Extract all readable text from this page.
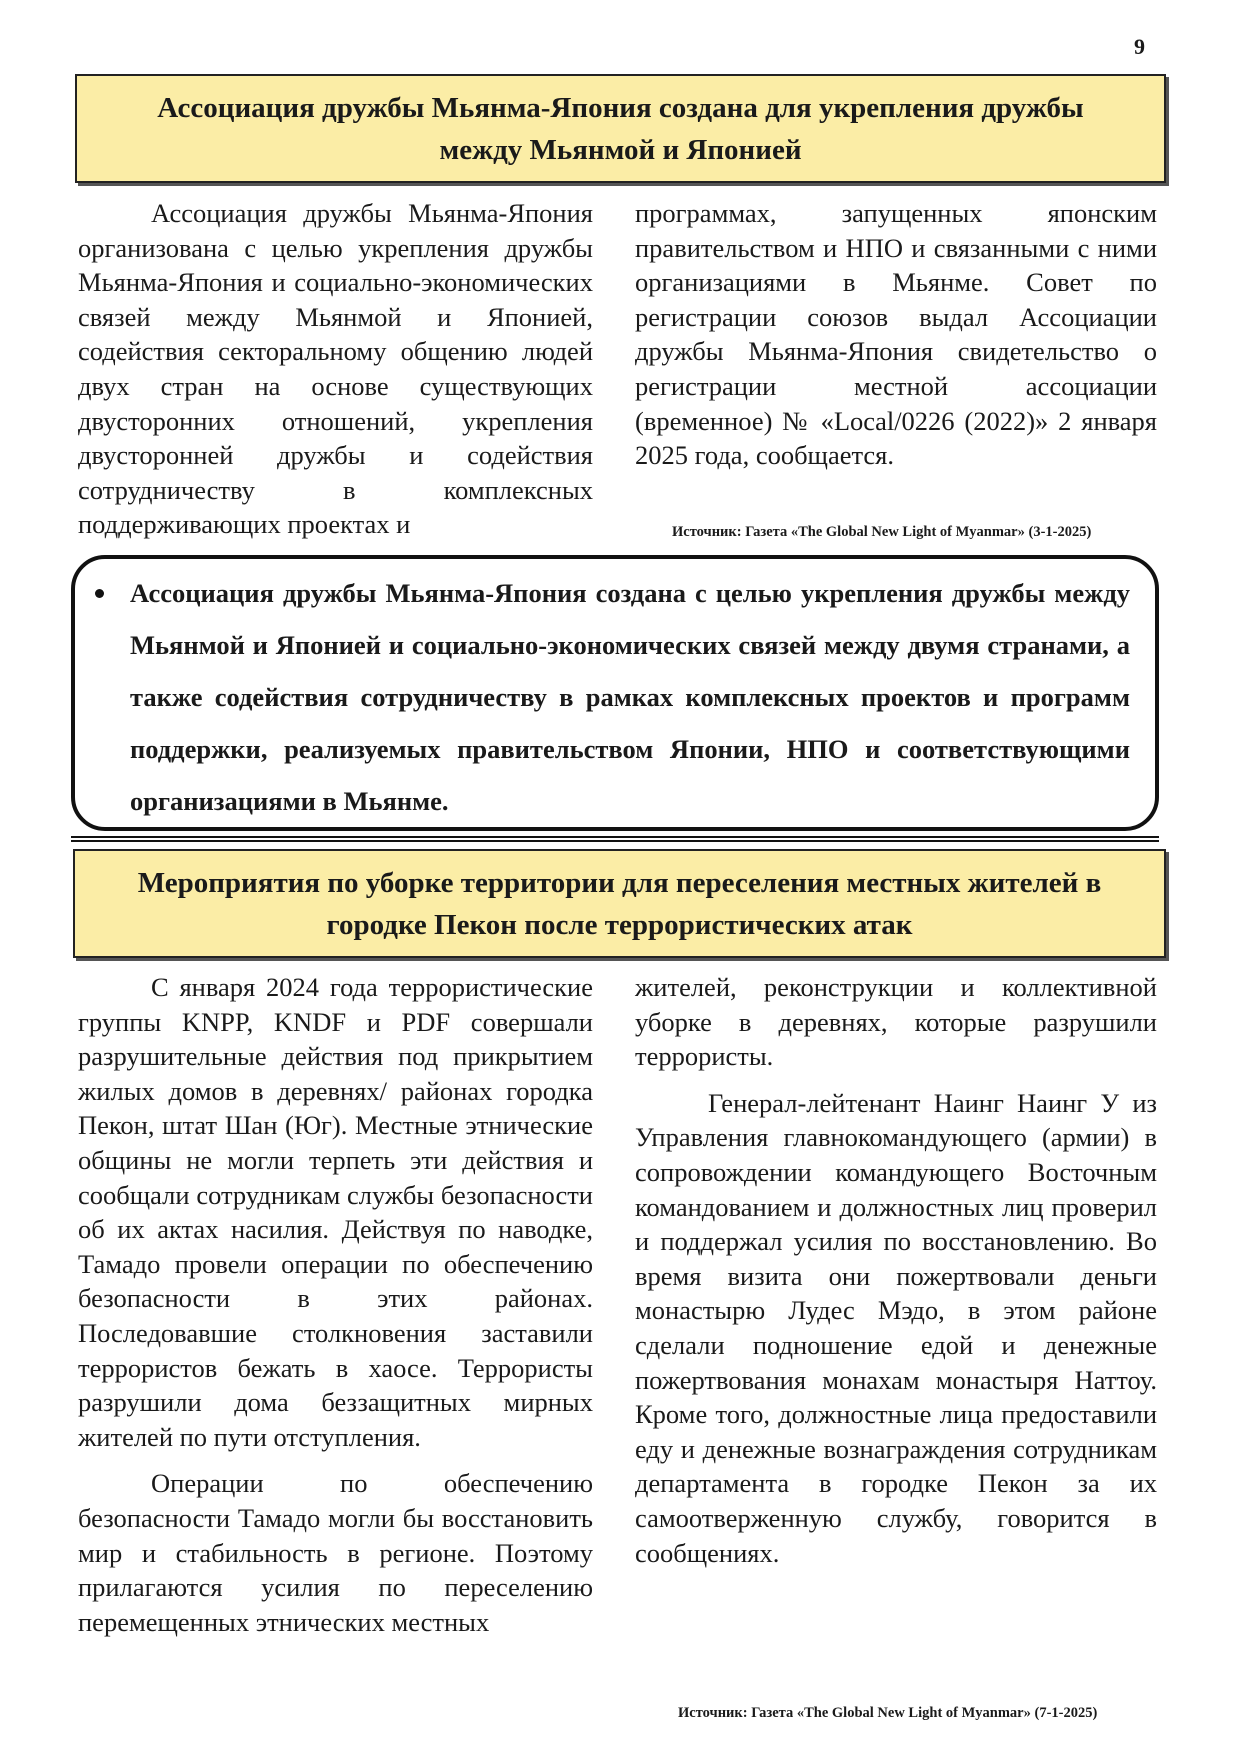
9
Ассоциация дружбы Мьянма-Япония создана для укрепления дружбы
между Мьянмой и Японией

Ассоциация дружбы Мьянма-Япония организована с целью укрепления дружбы Мьянма-Япония и социально-экономических связей между Мьянмой и Японией, содействия секторальному общению людей двух стран на основе существующих двусторонних отношений, укрепления двусторонней дружбы и содействия сотрудничеству в комплексных поддерживающих проектах и

программах, запущенных японским правительством и НПО и связанными с ними организациями в Мьянме. Совет по регистрации союзов выдал Ассоциации дружбы Мьянма-Япония свидетельство о регистрации местной ассоциации (временное) № «Local/0226 (2022)» 2 января 2025 года, сообщается.

Источник: Газета «The Global New Light of Myanmar» (3-1-2025)
Ассоциация дружбы Мьянма-Япония создана с целью укрепления дружбы между Мьянмой и Японией и социально-экономических связей между двумя странами, а также содействия сотрудничеству в рамках комплексных проектов и программ поддержки, реализуемых правительством Японии, НПО и соответствующими организациями в Мьянме.
Мероприятия по уборке территории для переселения местных жителей в
городке Пекон после террористических атак

С января 2024 года террористические группы KNPP, KNDF и PDF совершали разрушительные действия под прикрытием жилых домов в деревнях/ районах городка Пекон, штат Шан (Юг). Местные этнические общины не могли терпеть эти действия и сообщали сотрудникам службы безопасности об их актах насилия. Действуя по наводке, Тамадо провели операции по обеспечению безопасности в этих районах. Последовавшие столкновения заставили террористов бежать в хаосе. Террористы разрушили дома беззащитных мирных жителей по пути отступления.

Операции по обеспечению безопасности Тамадо могли бы восстановить мир и стабильность в регионе. Поэтому прилагаются усилия по переселению перемещенных этнических местных

жителей, реконструкции и коллективной уборке в деревнях, которые разрушили террористы.

Генерал-лейтенант Наинг Наинг У из Управления главнокомандующего (армии) в сопровождении командующего Восточным командованием и должностных лиц проверил и поддержал усилия по восстановлению. Во время визита они пожертвовали деньги монастырю Лудес Мэдо, в этом районе сделали подношение едой и денежные пожертвования монахам монастыря Наттоу. Кроме того, должностные лица предоставили еду и денежные вознаграждения сотрудникам департамента в городке Пекон за их самоотверженную службу, говорится в сообщениях.

Источник: Газета «The Global New Light of Myanmar» (7-1-2025)
